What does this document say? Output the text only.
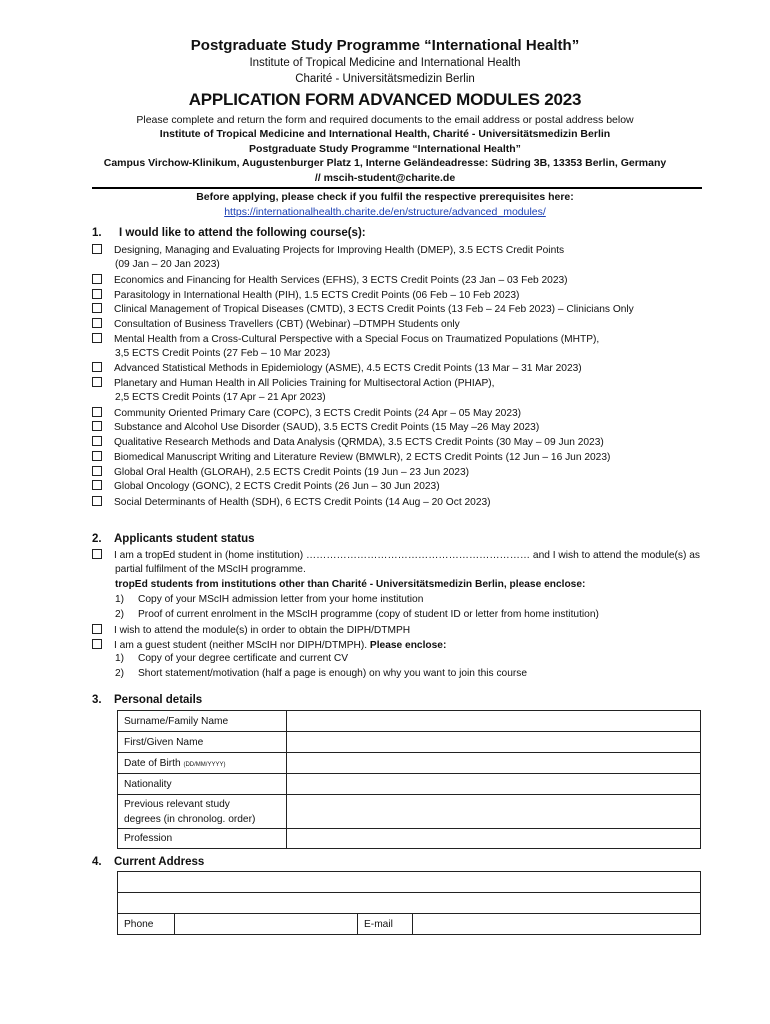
Postgraduate Study Programme “International Health”
Institute of Tropical Medicine and International Health
Charité - Universitätsmedizin Berlin
APPLICATION FORM ADVANCED MODULES 2023
Please complete and return the form and required documents to the email address or postal address below
Institute of Tropical Medicine and International Health, Charité - Universitätsmedizin Berlin
Postgraduate Study Programme “International Health”
Campus Virchow-Klinikum, Augustenburger Platz 1, Interne Geländeadresse: Südring 3B, 13353 Berlin, Germany
// mscih-student@charite.de
Before applying, please check if you fulfil the respective prerequisites here:
https://internationalhealth.charite.de/en/structure/advanced_modules/
1. I would like to attend the following course(s):
Designing, Managing and Evaluating Projects for Improving Health (DMEP), 3.5 ECTS Credit Points
(09 Jan – 20 Jan 2023)
Economics and Financing for Health Services (EFHS), 3 ECTS Credit Points (23 Jan – 03 Feb 2023)
Parasitology in International Health (PIH), 1.5 ECTS Credit Points (06 Feb – 10 Feb 2023)
Clinical Management of Tropical Diseases (CMTD), 3 ECTS Credit Points (13 Feb – 24 Feb 2023) – Clinicians Only
Consultation of Business Travellers (CBT) (Webinar) –DTMPH Students only
Mental Health from a Cross-Cultural Perspective with a Special Focus on Traumatized Populations (MHTP),
3,5 ECTS Credit Points (27 Feb – 10 Mar 2023)
Advanced Statistical Methods in Epidemiology (ASME), 4.5 ECTS Credit Points (13 Mar – 31 Mar 2023)
Planetary and Human Health in All Policies Training for Multisectoral Action (PHIAP),
2,5 ECTS Credit Points (17 Apr – 21 Apr 2023)
Community Oriented Primary Care (COPC), 3 ECTS Credit Points (24 Apr – 05 May 2023)
Substance and Alcohol Use Disorder (SAUD), 3.5 ECTS Credit Points (15 May –26 May 2023)
Qualitative Research Methods and Data Analysis (QRMDA), 3.5 ECTS Credit Points (30 May – 09 Jun 2023)
Biomedical Manuscript Writing and Literature Review (BMWLR), 2 ECTS Credit Points (12 Jun – 16 Jun 2023)
Global Oral Health (GLORAH), 2.5 ECTS Credit Points (19 Jun – 23 Jun 2023)
Global Oncology (GONC), 2 ECTS Credit Points (26 Jun – 30 Jun 2023)
Social Determinants of Health (SDH), 6 ECTS Credit Points (14 Aug – 20 Oct 2023)
2. Applicants student status
I am a tropEd student in (home institution) ………………………………………………………… and I wish to attend the module(s) as
partial fulfilment of the MScIH programme.
tropEd students from institutions other than Charité - Universitätsmedizin Berlin, please enclose:
1) Copy of your MScIH admission letter from your home institution
2) Proof of current enrolment in the MScIH programme (copy of student ID or letter from home institution)
I wish to attend the module(s) in order to obtain the DIPH/DTMPH
I am a guest student (neither MScIH nor DIPH/DTMPH). Please enclose:
1) Copy of your degree certificate and current CV
2) Short statement/motivation (half a page is enough) on why you want to join this course
3. Personal details
Surname/Family Name	
First/Given Name	
Date of Birth (DD/MM/YYYY)	
Nationality	

Previous relevant study
degrees (in chronolog. order)	

Profession	
4. Current Address

Phone		E-mail	
